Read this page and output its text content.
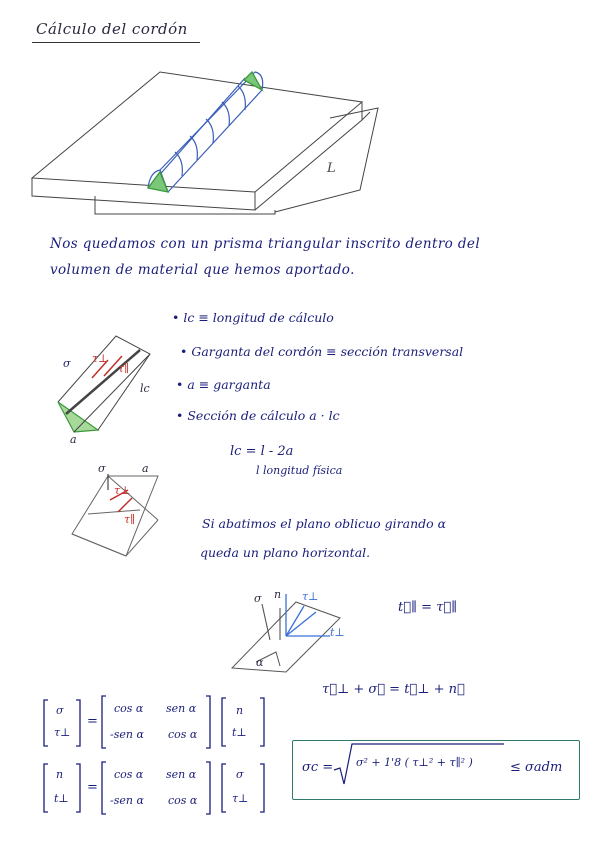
Cálculo del cordón
L
Nos quedamos con un prisma triangular inscrito dentro del
volumen de material que hemos aportado.
σ τ⊥
τ∥
lc
a
• lc ≡ longitud de cálculo
• Garganta del cordón ≡ sección transversal
• a ≡ garganta
• Sección de cálculo a · lc
lc = l - 2a
l longitud física
σ	a
τ⊥
τ∥	Si abatimos el plano oblicuo girando α
queda un plano horizontal.
σ n τ⊥
t⊥
α
t⃗∥ = τ⃗∥
τ⃗⊥ + σ⃗ = t⃗⊥ + n⃗
σ
τ⊥
=
cos α sen α
-sen α cos α
n
t⊥
n
t⊥
=
cos α sen α
-sen α cos α
σ
τ⊥
σc = σ² + 1'8 ( τ⊥² + τ∥² )	≤ σadm
